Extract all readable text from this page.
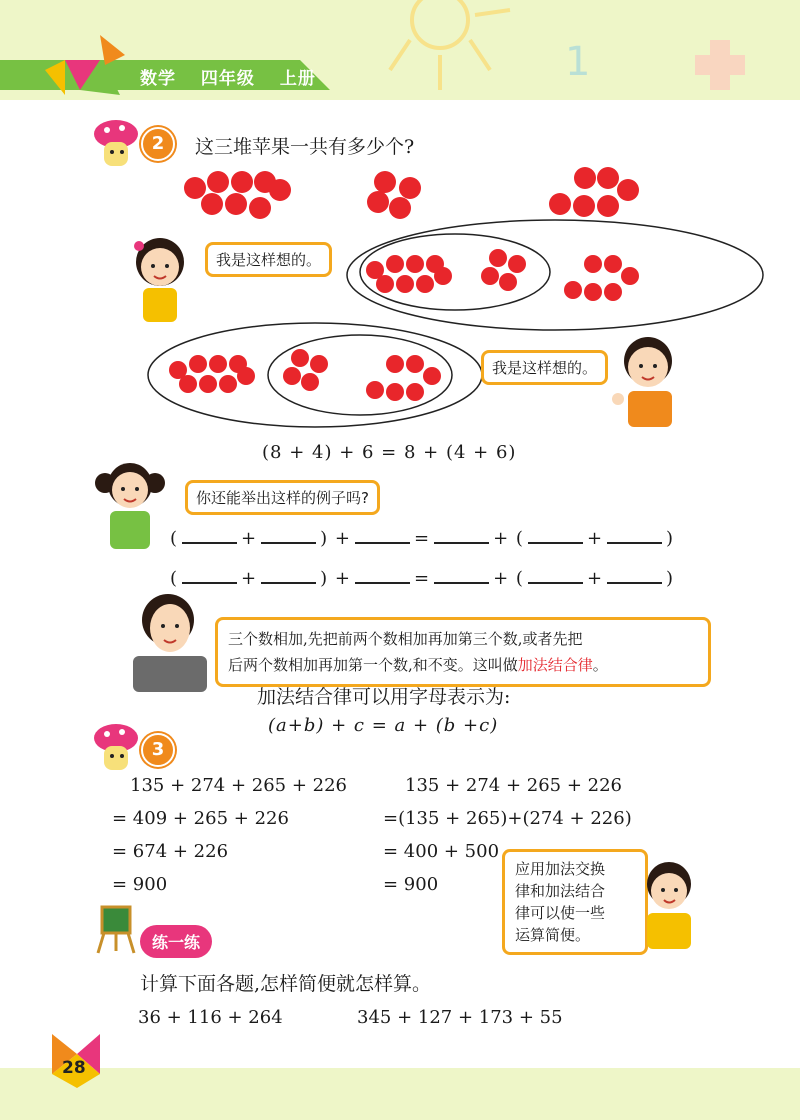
1
数学 四年级 上册
2	这三堆苹果一共有多少个?
我是这样想的。
我是这样想的。
(8 + 4) + 6 = 8 + (4 + 6)
你还能举出这样的例子吗?
(	+	) +	=	+ (	+	)
(	+	) +	=	+ (	+	)
三个数相加,先把前两个数相加再加第三个数,或者先把
后两个数相加再加第一个数,和不变。这叫做加法结合律。
加法结合律可以用字母表示为:
(a+b) + c = a + (b +c)
3
135 + 274 + 265 + 226
= 409 + 265 + 226
= 674 + 226
= 900
135 + 274 + 265 + 226
=(135 + 265)+(274 + 226)
= 400 + 500
= 900
应用加法交换
律和加法结合
律可以使一些
运算简便。
练一练
计算下面各题,怎样简便就怎样算。
36 + 116 + 264	345 + 127 + 173 + 55
28
